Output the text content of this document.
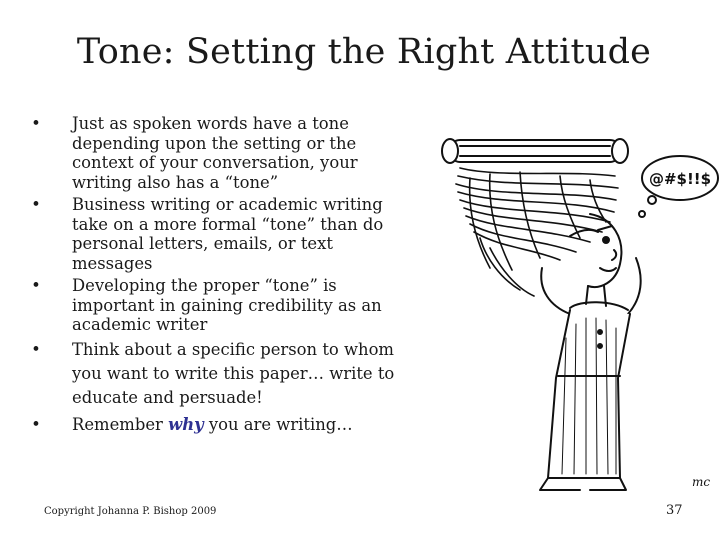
Tone: Setting the Right Attitude
• Just as spoken words have a tone depending upon the setting or the context of your conversation, your writing also has a “tone”
• Business writing or academic writing take on a more formal “tone” than do personal letters, emails, or text messages
• Developing the proper “tone” is important in gaining credibility as an academic writer
• Think about a specific person to whom you want to write this paper… write to educate and persuade!
• Remember why you are writing…
@#$!!$
mc
Copyright Johanna P. Bishop 2009	37
